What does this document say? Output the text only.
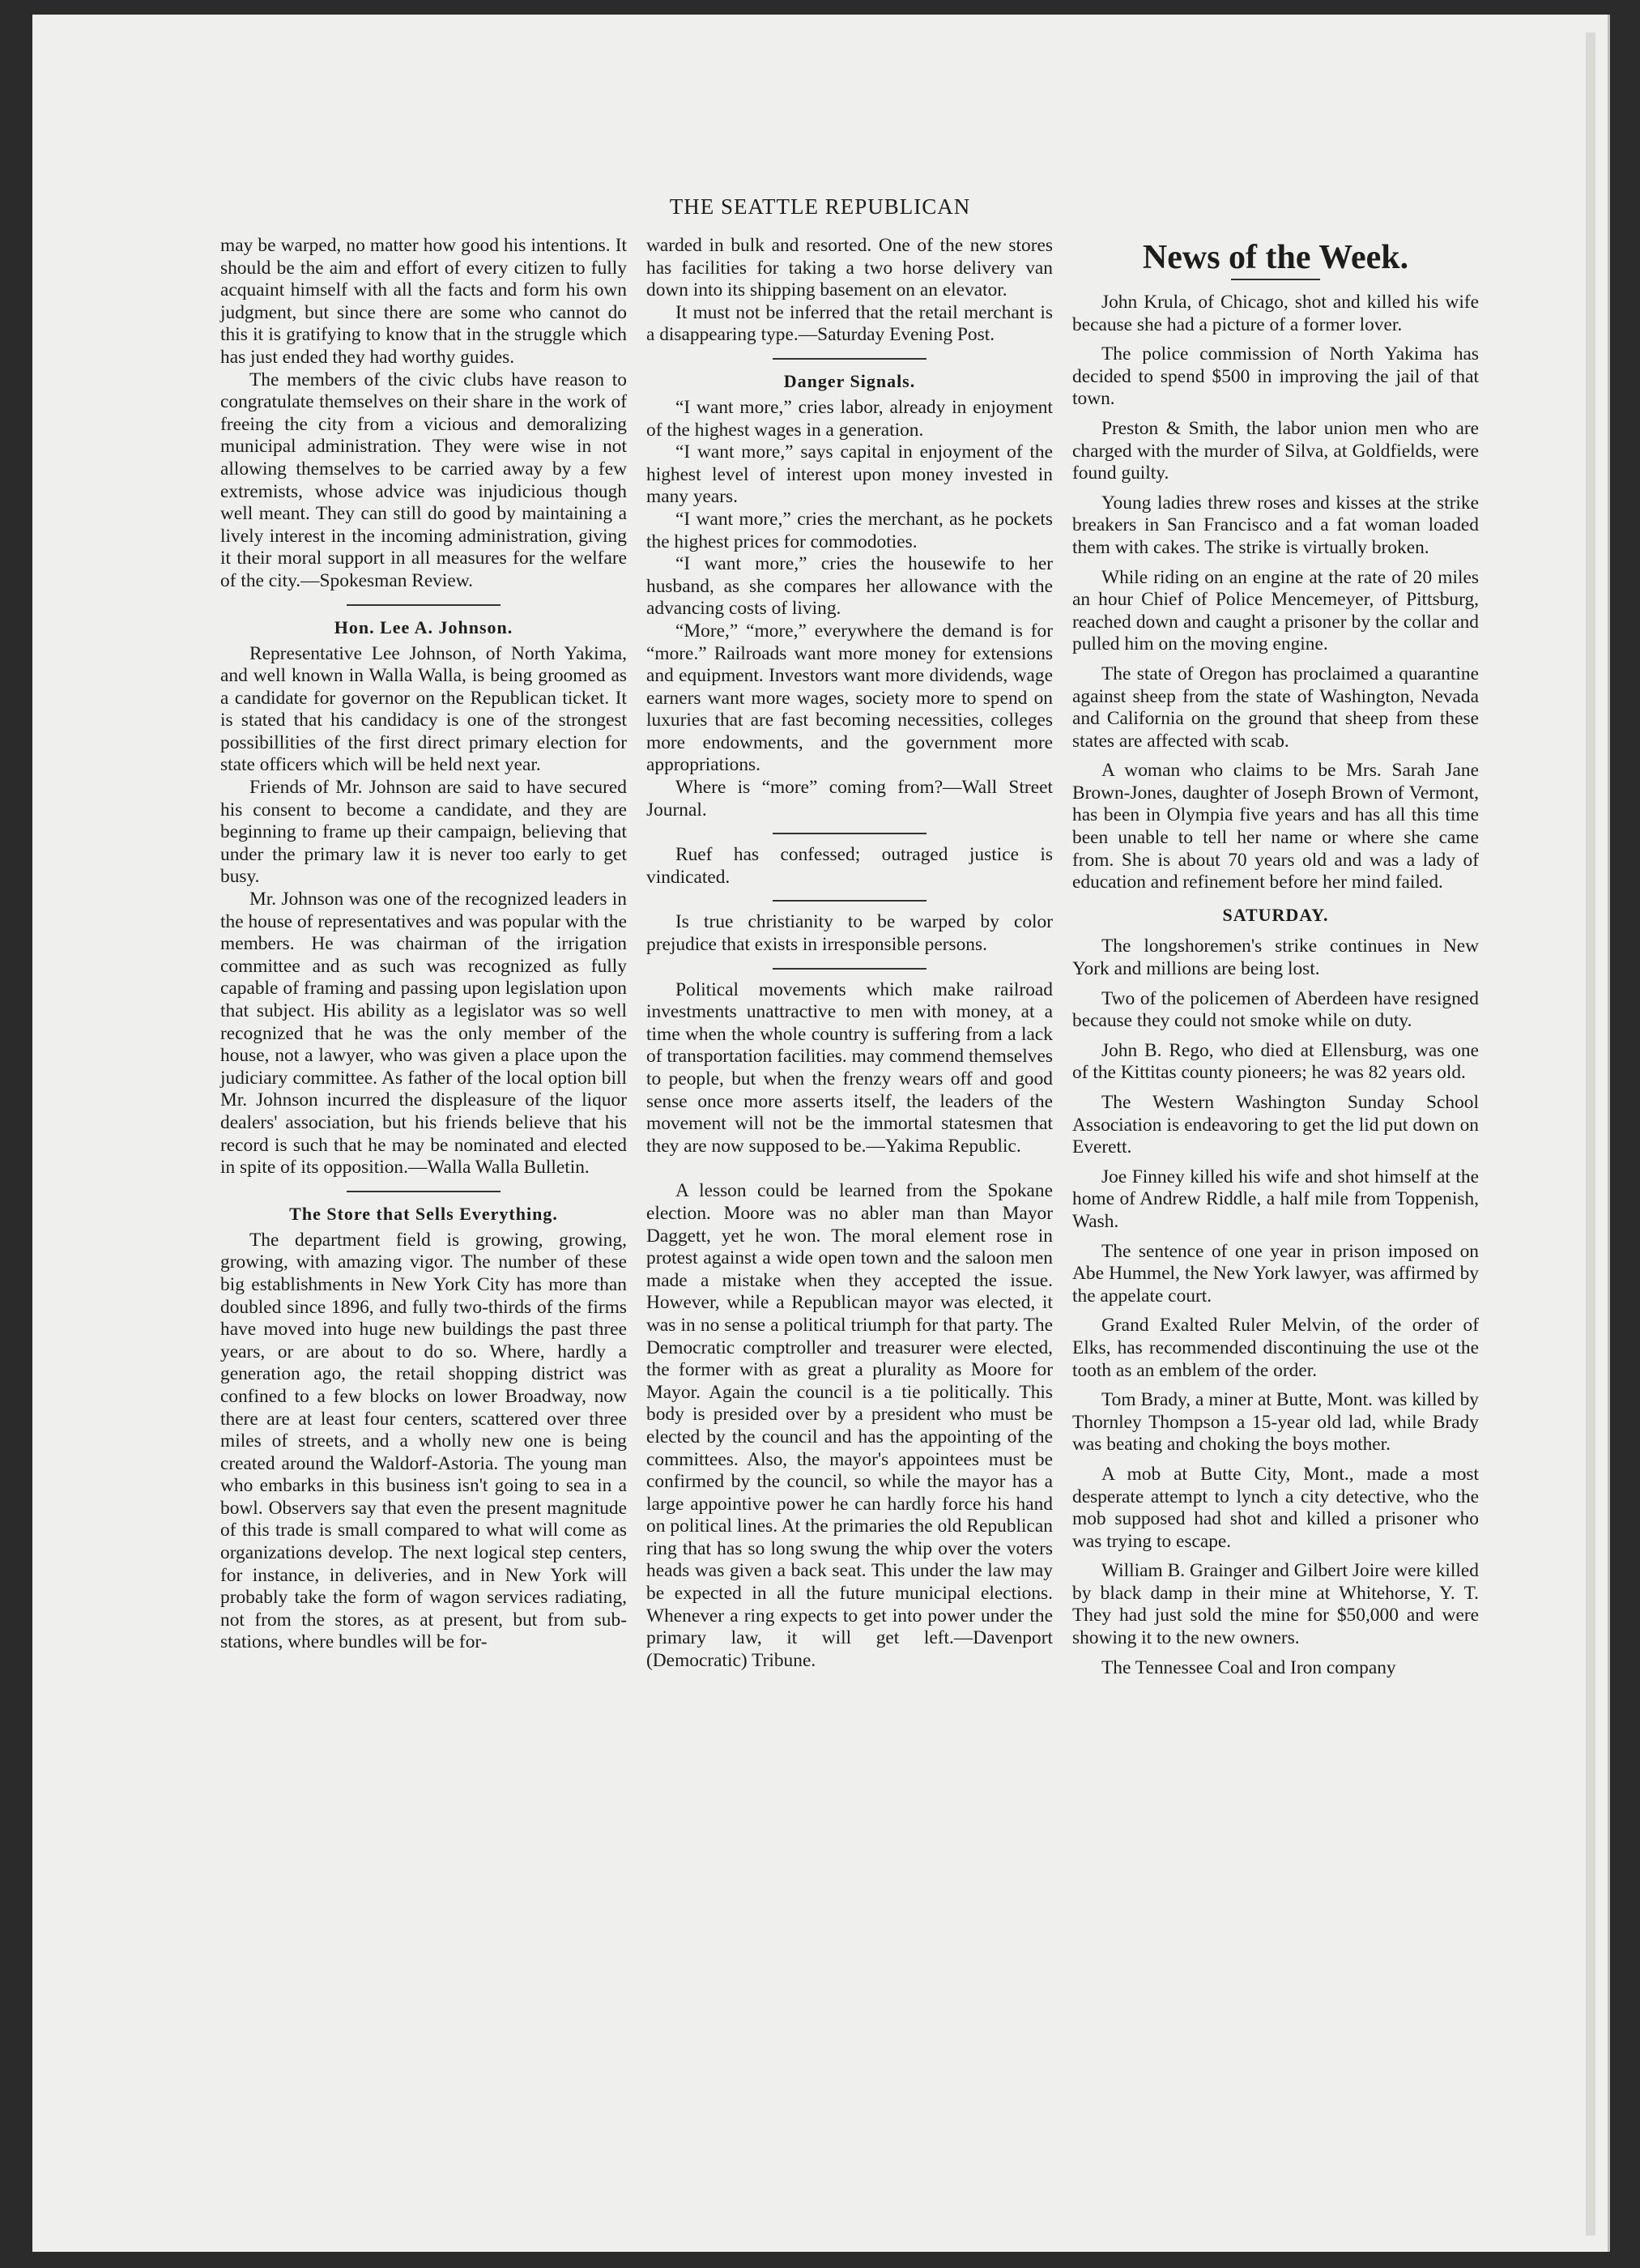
THE SEATTLE REPUBLICAN

may be warped, no matter how good his intentions. It should be the aim and effort of every citizen to fully acquaint himself with all the facts and form his own judgment, but since there are some who cannot do this it is gratifying to know that in the struggle which has just ended they had worthy guides.

The members of the civic clubs have reason to congratulate themselves on their share in the work of freeing the city from a vicious and demoralizing municipal administration. They were wise in not allowing themselves to be carried away by a few extremists, whose advice was injudicious though well meant. They can still do good by maintaining a lively interest in the incoming administration, giving it their moral support in all measures for the welfare of the city.—Spokesman Review.

Hon. Lee A. Johnson.

Representative Lee Johnson, of North Yakima, and well known in Walla Walla, is being groomed as a candidate for governor on the Republican ticket. It is stated that his candidacy is one of the strongest possibillities of the first direct primary election for state officers which will be held next year.

Friends of Mr. Johnson are said to have secured his consent to become a candidate, and they are beginning to frame up their campaign, believing that under the primary law it is never too early to get busy.

Mr. Johnson was one of the recognized leaders in the house of representatives and was popular with the members. He was chairman of the irrigation committee and as such was recognized as fully capable of framing and passing upon legislation upon that subject. His ability as a legislator was so well recognized that he was the only member of the house, not a lawyer, who was given a place upon the judiciary committee. As father of the local option bill Mr. Johnson incurred the displeasure of the liquor dealers' association, but his friends believe that his record is such that he may be nominated and elected in spite of its opposition.—Walla Walla Bulletin.

The Store that Sells Everything.

The department field is growing, growing, growing, with amazing vigor. The number of these big establishments in New York City has more than doubled since 1896, and fully two-thirds of the firms have moved into huge new buildings the past three years, or are about to do so. Where, hardly a generation ago, the retail shopping district was confined to a few blocks on lower Broadway, now there are at least four centers, scattered over three miles of streets, and a wholly new one is being created around the Waldorf-Astoria. The young man who embarks in this business isn't going to sea in a bowl. Observers say that even the present magnitude of this trade is small compared to what will come as organizations develop. The next logical step centers, for instance, in deliveries, and in New York will probably take the form of wagon services radiating, not from the stores, as at present, but from sub-stations, where bundles will be for-

warded in bulk and resorted. One of the new stores has facilities for taking a two horse delivery van down into its shipping basement on an elevator.

It must not be inferred that the retail merchant is a disappearing type.—Saturday Evening Post.

Danger Signals.

“I want more,” cries labor, already in enjoyment of the highest wages in a generation.

“I want more,” says capital in enjoyment of the highest level of interest upon money invested in many years.

“I want more,” cries the merchant, as he pockets the highest prices for commodoties.

“I want more,” cries the housewife to her husband, as she compares her allowance with the advancing costs of living.

“More,” “more,” everywhere the demand is for “more.” Railroads want more money for extensions and equipment. Investors want more dividends, wage earners want more wages, society more to spend on luxuries that are fast becoming necessities, colleges more endowments, and the government more appropriations.

Where is “more” coming from?—Wall Street Journal.

Ruef has confessed; outraged justice is vindicated.

Is true christianity to be warped by color prejudice that exists in irresponsible persons.

Political movements which make railroad investments unattractive to men with money, at a time when the whole country is suffering from a lack of transportation facilities. may commend themselves to people, but when the frenzy wears off and good sense once more asserts itself, the leaders of the movement will not be the immortal statesmen that they are now supposed to be.—Yakima Republic.

A lesson could be learned from the Spokane election. Moore was no abler man than Mayor Daggett, yet he won. The moral element rose in protest against a wide open town and the saloon men made a mistake when they accepted the issue. However, while a Republican mayor was elected, it was in no sense a political triumph for that party. The Democratic comptroller and treasurer were elected, the former with as great a plurality as Moore for Mayor. Again the council is a tie politically. This body is presided over by a president who must be elected by the council and has the appointing of the committees. Also, the mayor's appointees must be confirmed by the council, so while the mayor has a large appointive power he can hardly force his hand on political lines. At the primaries the old Republican ring that has so long swung the whip over the voters heads was given a back seat. This under the law may be expected in all the future municipal elections. Whenever a ring expects to get into power under the primary law, it will get left.—Davenport (Democratic) Tribune.

News of the Week.

John Krula, of Chicago, shot and killed his wife because she had a picture of a former lover.

The police commission of North Yakima has decided to spend $500 in improving the jail of that town.

Preston & Smith, the labor union men who are charged with the murder of Silva, at Goldfields, were found guilty.

Young ladies threw roses and kisses at the strike breakers in San Francisco and a fat woman loaded them with cakes. The strike is virtually broken.

While riding on an engine at the rate of 20 miles an hour Chief of Police Mencemeyer, of Pittsburg, reached down and caught a prisoner by the collar and pulled him on the moving engine.

The state of Oregon has proclaimed a quarantine against sheep from the state of Washington, Nevada and California on the ground that sheep from these states are affected with scab.

A woman who claims to be Mrs. Sarah Jane Brown-Jones, daughter of Joseph Brown of Vermont, has been in Olympia five years and has all this time been unable to tell her name or where she came from. She is about 70 years old and was a lady of education and refinement before her mind failed.

SATURDAY.

The longshoremen's strike continues in New York and millions are being lost.

Two of the policemen of Aberdeen have resigned because they could not smoke while on duty.

John B. Rego, who died at Ellensburg, was one of the Kittitas county pioneers; he was 82 years old.

The Western Washington Sunday School Association is endeavoring to get the lid put down on Everett.

Joe Finney killed his wife and shot himself at the home of Andrew Riddle, a half mile from Toppenish, Wash.

The sentence of one year in prison imposed on Abe Hummel, the New York lawyer, was affirmed by the appelate court.

Grand Exalted Ruler Melvin, of the order of Elks, has recommended discontinuing the use ot the tooth as an emblem of the order.

Tom Brady, a miner at Butte, Mont. was killed by Thornley Thompson a 15-year old lad, while Brady was beating and choking the boys mother.

A mob at Butte City, Mont., made a most desperate attempt to lynch a city detective, who the mob supposed had shot and killed a prisoner who was trying to escape.

William B. Grainger and Gilbert Joire were killed by black damp in their mine at Whitehorse, Y. T. They had just sold the mine for $50,000 and were showing it to the new owners.

The Tennessee Coal and Iron company
